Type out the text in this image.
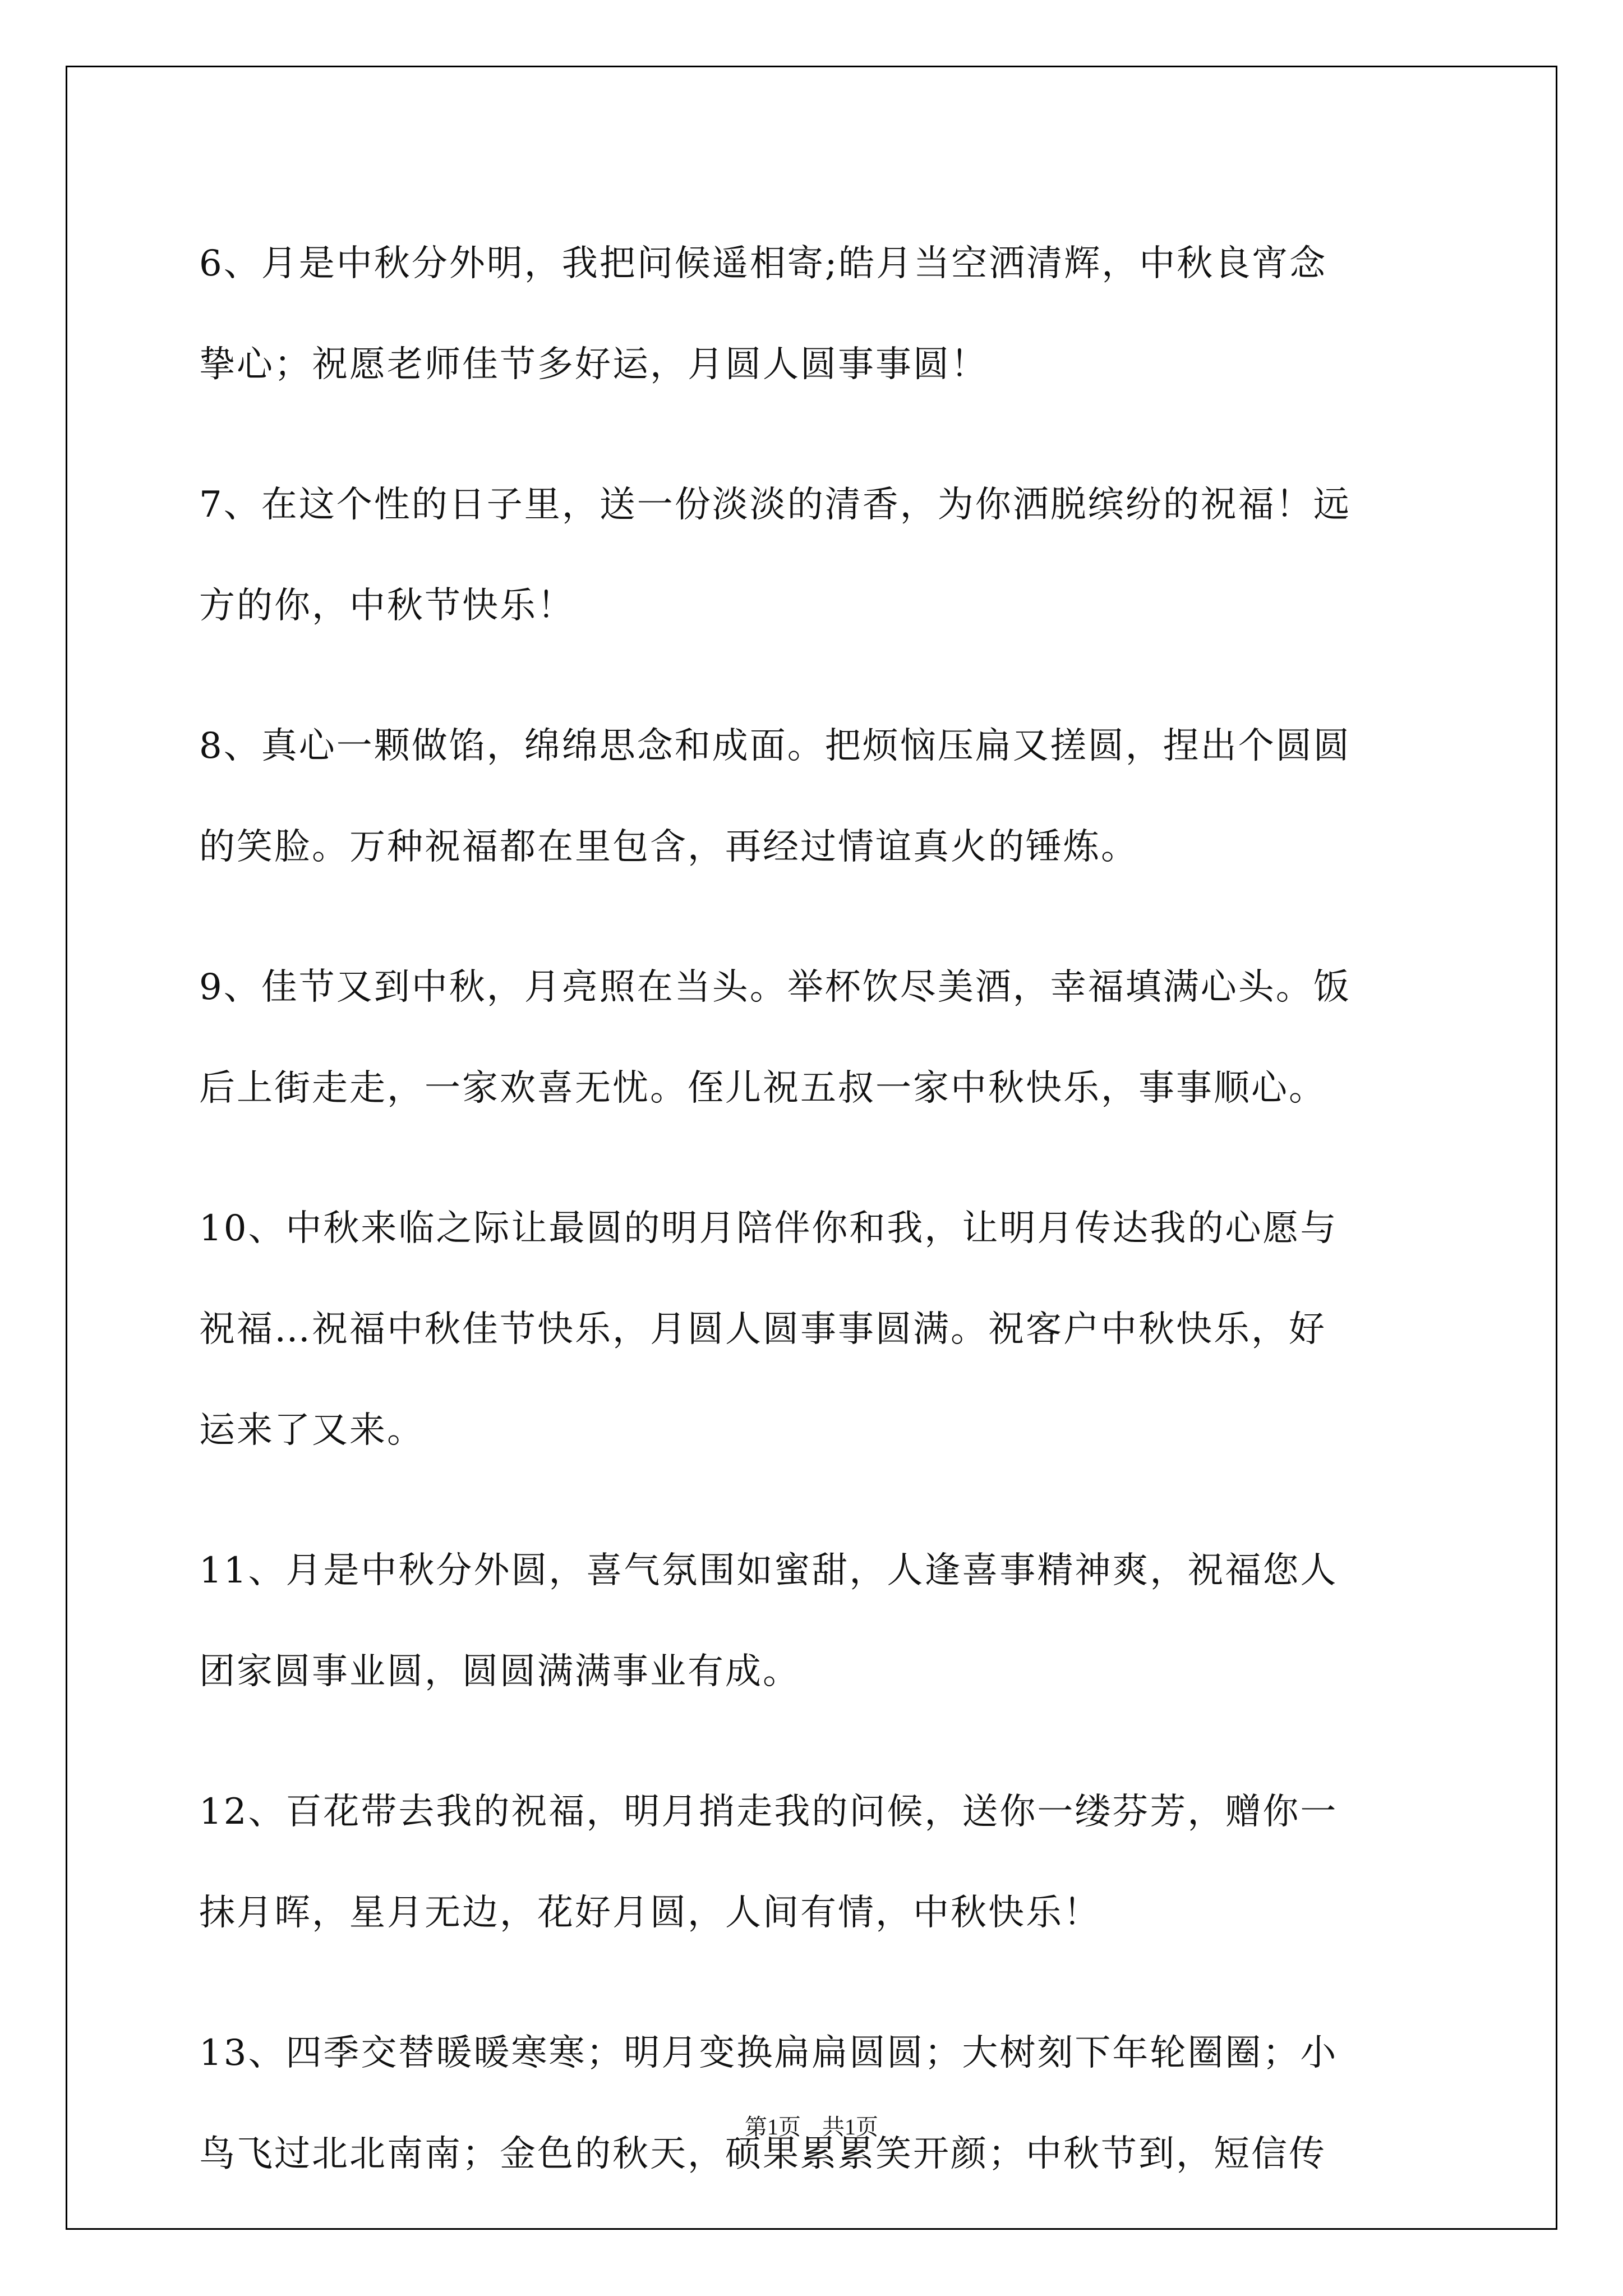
6、月是中秋分外明，我把问候遥相寄;皓月当空洒清辉，中秋良宵念
挚心；祝愿老师佳节多好运，月圆人圆事事圆！

7、在这个性的日子里，送一份淡淡的清香，为你洒脱缤纷的祝福！远
方的你，中秋节快乐！

8、真心一颗做馅，绵绵思念和成面。把烦恼压扁又搓圆，捏出个圆圆
的笑脸。万种祝福都在里包含，再经过情谊真火的锤炼。

9、佳节又到中秋，月亮照在当头。举杯饮尽美酒，幸福填满心头。饭
后上街走走，一家欢喜无忧。侄儿祝五叔一家中秋快乐，事事顺心。

10、中秋来临之际让最圆的明月陪伴你和我，让明月传达我的心愿与
祝福…祝福中秋佳节快乐，月圆人圆事事圆满。祝客户中秋快乐，好
运来了又来。

11、月是中秋分外圆，喜气氛围如蜜甜，人逢喜事精神爽，祝福您人
团家圆事业圆，圆圆满满事业有成。

12、百花带去我的祝福，明月捎走我的问候，送你一缕芬芳，赠你一
抹月晖，星月无边，花好月圆，人间有情，中秋快乐！

13、四季交替暖暖寒寒；明月变换扁扁圆圆；大树刻下年轮圈圈；小
鸟飞过北北南南；金色的秋天，硕果累累笑开颜；中秋节到，短信传

第1页 共1页
